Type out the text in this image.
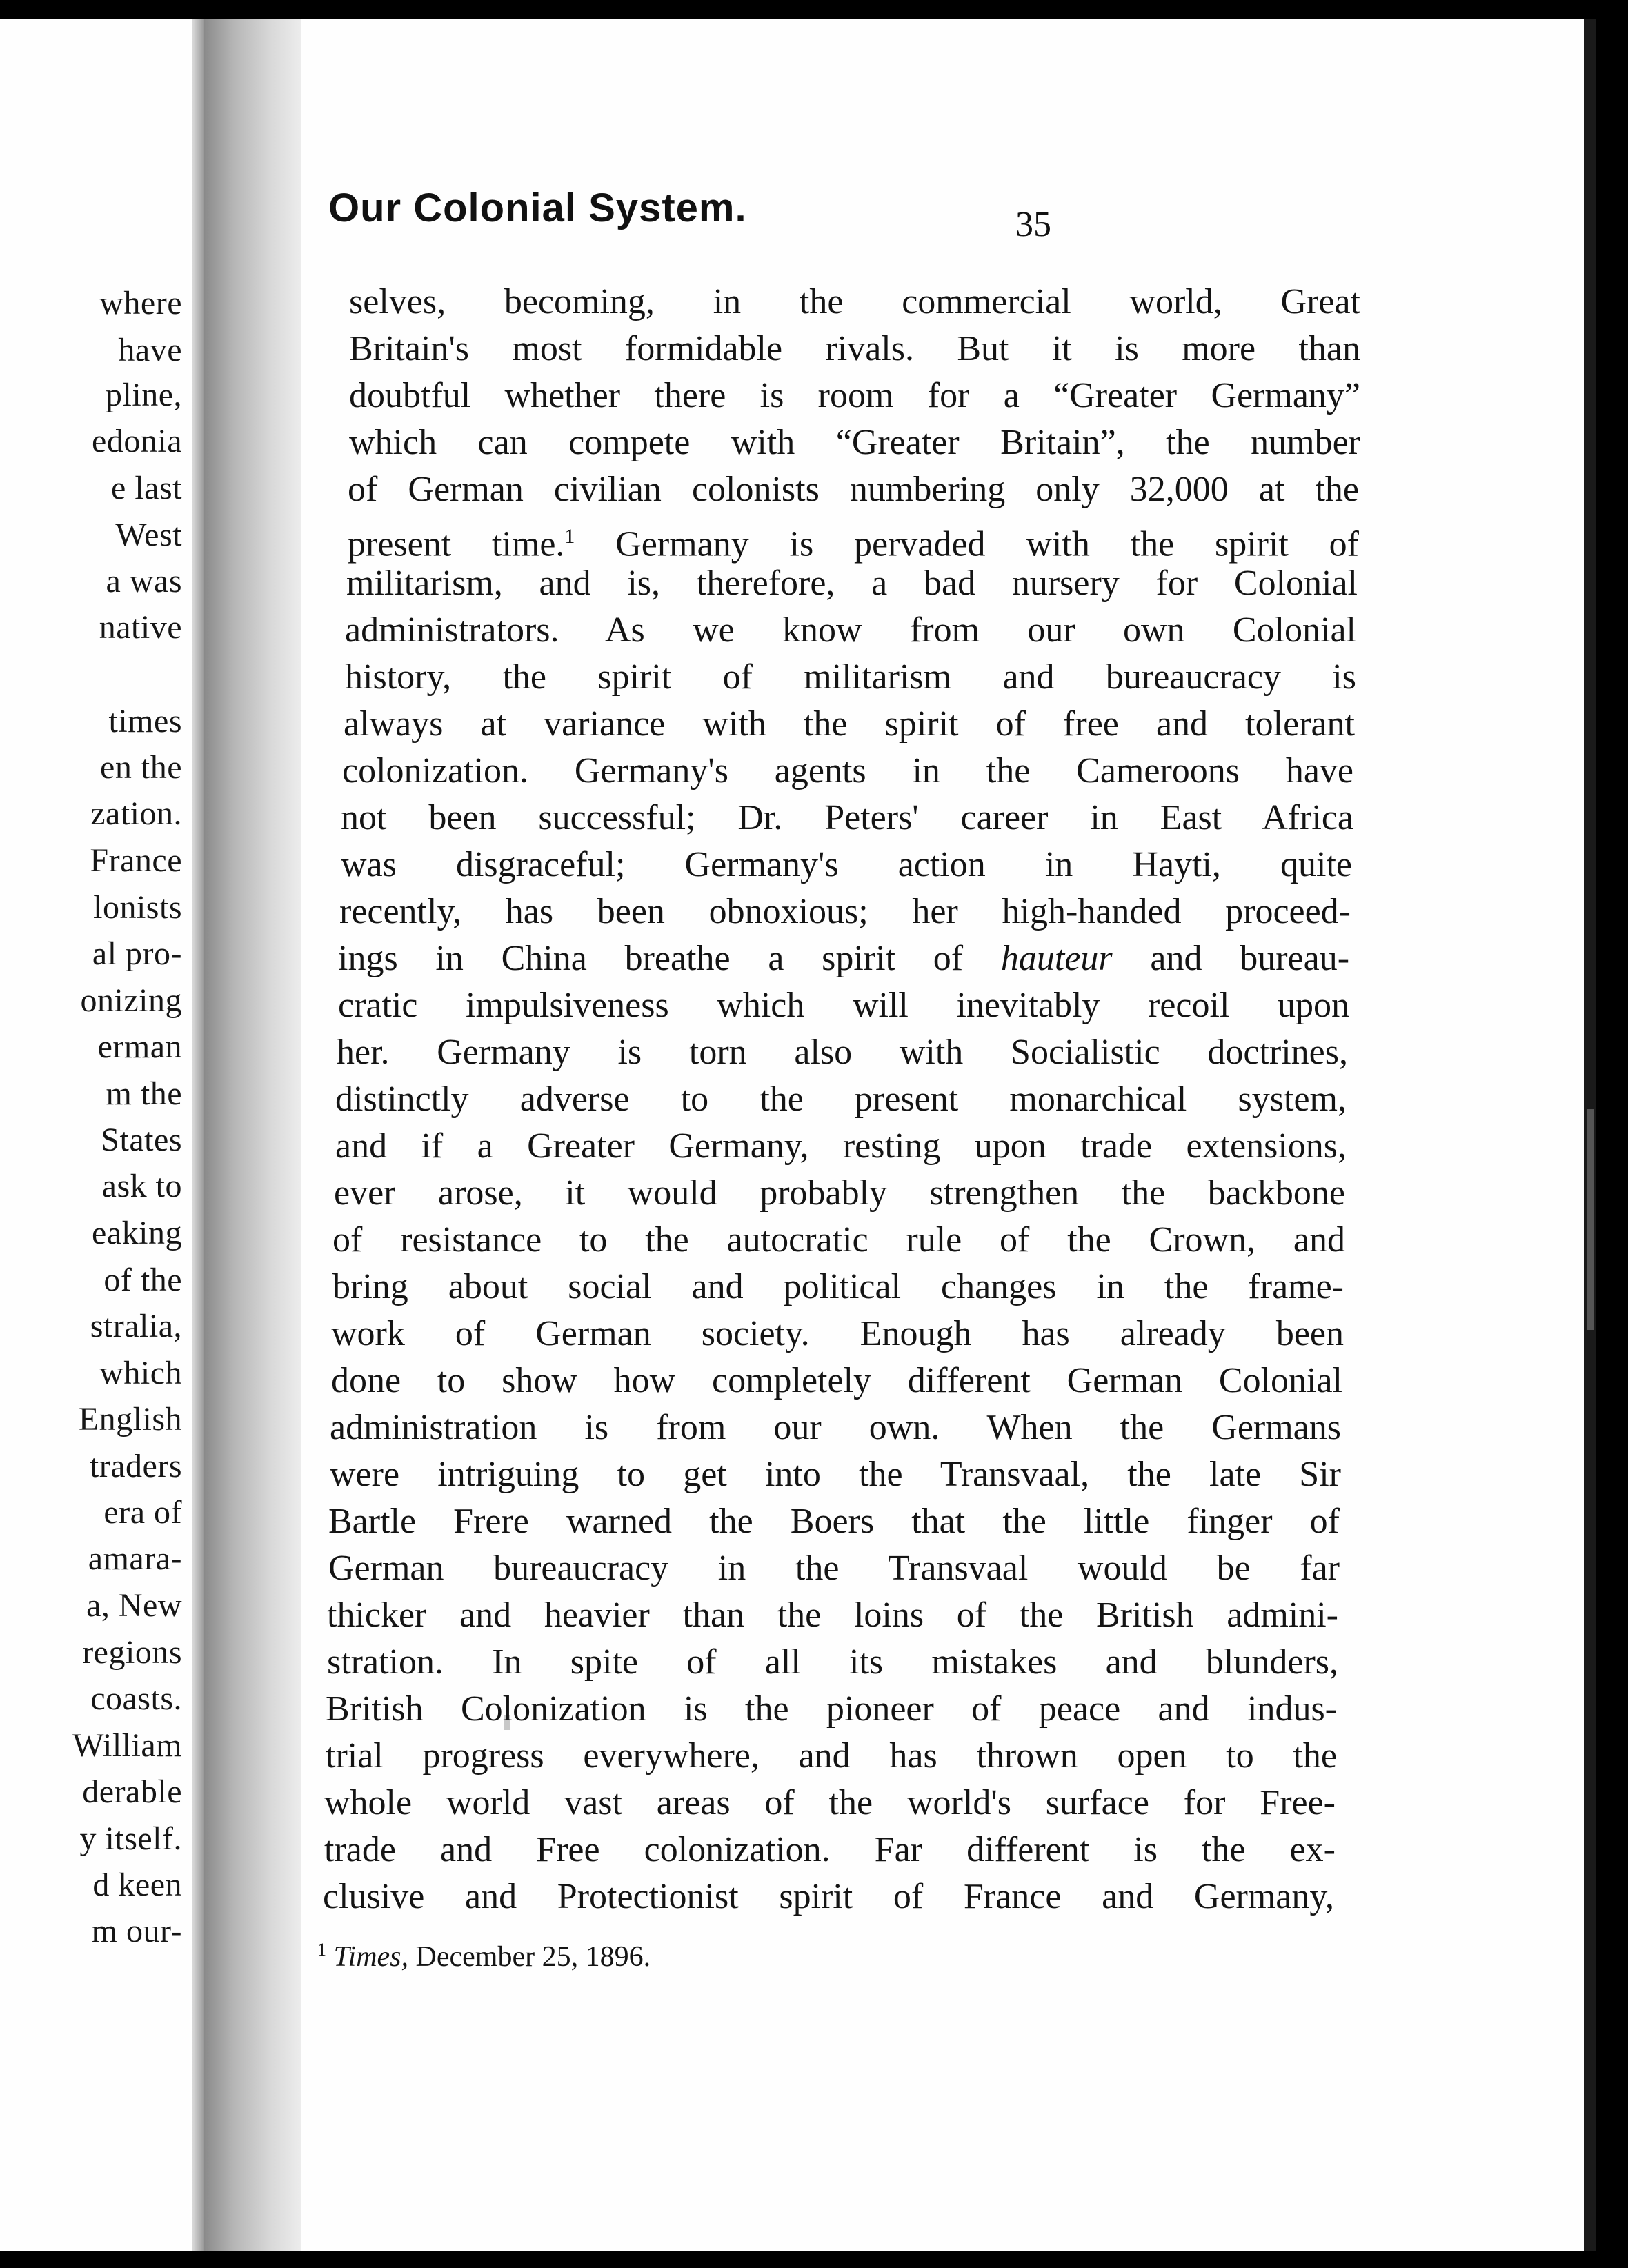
where
have
pline,
edonia
e last
West
a was
native
times
en the
zation.
France
lonists
al pro-
onizing
erman
m the
States
ask to
eaking
of the
stralia,
which
English
traders
era of
amara-
a, New
regions
coasts.
William
derable
y itself.
d keen
m our-
Our Colonial System.	35
selves, becoming, in the commercial world, Great
Britain's most formidable rivals. But it is more than
doubtful whether there is room for a “Greater Germany”
which can compete with “Greater Britain”, the number
of German civilian colonists numbering only 32,000 at the
present time.$^1$ Germany is pervaded with the spirit of
militarism, and is, therefore, a bad nursery for Colonial
administrators. As we know from our own Colonial
history, the spirit of militarism and bureaucracy is
always at variance with the spirit of free and tolerant
colonization. Germany's agents in the Cameroons have
not been successful; Dr. Peters' career in East Africa
was disgraceful; Germany's action in Hayti, quite
recently, has been obnoxious; her high-handed proceed-
ings in China breathe a spirit of hauteur and bureau-
cratic impulsiveness which will inevitably recoil upon
her. Germany is torn also with Socialistic doctrines,
distinctly adverse to the present monarchical system,
and if a Greater Germany, resting upon trade extensions,
ever arose, it would probably strengthen the backbone
of resistance to the autocratic rule of the Crown, and
bring about social and political changes in the frame-
work of German society. Enough has already been
done to show how completely different German Colonial
administration is from our own. When the Germans
were intriguing to get into the Transvaal, the late Sir
Bartle Frere warned the Boers that the little finger of
German bureaucracy in the Transvaal would be far
thicker and heavier than the loins of the British admini-
stration. In spite of all its mistakes and blunders,
British Colonization is the pioneer of peace and indus-
trial progress everywhere, and has thrown open to the
whole world vast areas of the world's surface for Free-
trade and Free colonization. Far different is the ex-
clusive and Protectionist spirit of France and Germany,
$^1$ Times, December 25, 1896.
